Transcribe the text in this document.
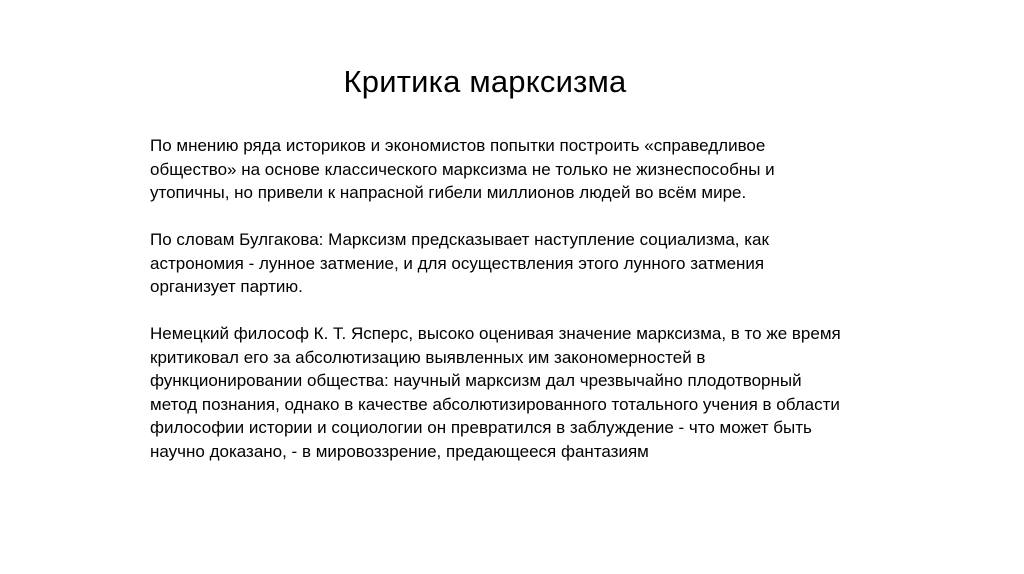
Критика марксизма

По мнению ряда историков и экономистов попытки построить «справедливое
общество» на основе классического марксизма не только не жизнеспособны и
утопичны, но привели к напрасной гибели миллионов людей во всём мире.

По словам Булгакова: Марксизм предсказывает наступление социализма, как
астрономия - лунное затмение, и для осуществления этого лунного затмения
организует партию.

Немецкий философ К. Т. Ясперс, высоко оценивая значение марксизма, в то же время
критиковал его за абсолютизацию выявленных им закономерностей в
функционировании общества: научный марксизм дал чрезвычайно плодотворный
метод познания, однако в качестве абсолютизированного тотального учения в области
философии истории и социологии он превратился в заблуждение - что может быть
научно доказано, - в мировоззрение, предающееся фантазиям
